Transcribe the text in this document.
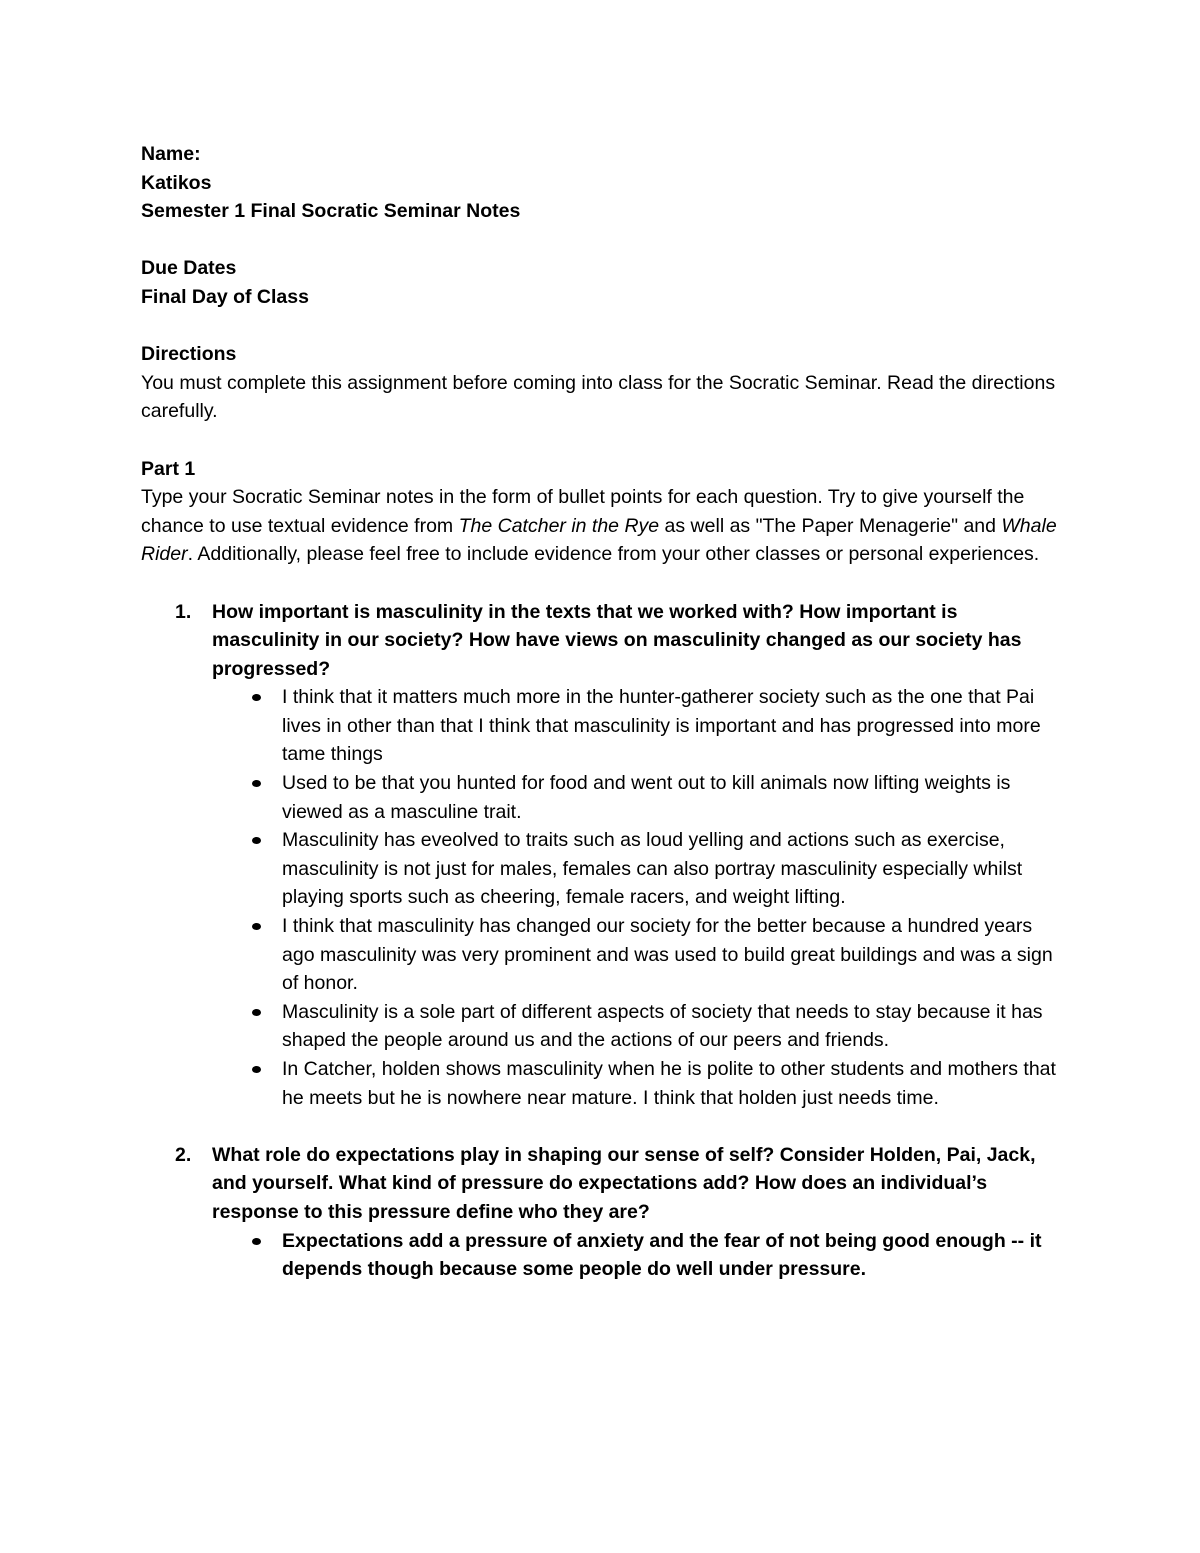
Name:

Katikos

Semester 1 Final Socratic Seminar Notes

Due Dates

Final Day of Class

Directions

You must complete this assignment before coming into class for the Socratic Seminar. Read the directions carefully.

Part 1

Type your Socratic Seminar notes in the form of bullet points for each question. Try to give yourself the chance to use textual evidence from The Catcher in the Rye as well as "The Paper Menagerie" and Whale Rider. Additionally, please feel free to include evidence from your other classes or personal experiences.

1. How important is masculinity in the texts that we worked with? How important is masculinity in our society? How have views on masculinity changed as our society has progressed?

I think that it matters much more in the hunter-gatherer society such as the one that Pai lives in other than that I think that masculinity is important and has progressed into more tame things

Used to be that you hunted for food and went out to kill animals now lifting weights is viewed as a masculine trait.

Masculinity has eveolved to traits such as loud yelling and actions such as exercise, masculinity is not just for males, females can also portray masculinity especially whilst playing sports such as cheering, female racers, and weight lifting.

I think that masculinity has changed our society for the better because a hundred years ago masculinity was very prominent and was used to build great buildings and was a sign of honor.

Masculinity is a sole part of different aspects of society that needs to stay because it has shaped the people around us and the actions of our peers and friends.

In Catcher, holden shows masculinity when he is polite to other students and mothers that he meets but he is nowhere near mature. I think that holden just needs time.

2. What role do expectations play in shaping our sense of self? Consider Holden, Pai, Jack, and yourself. What kind of pressure do expectations add? How does an individual’s response to this pressure define who they are?

Expectations add a pressure of anxiety and the fear of not being good enough -- it depends though because some people do well under pressure.
